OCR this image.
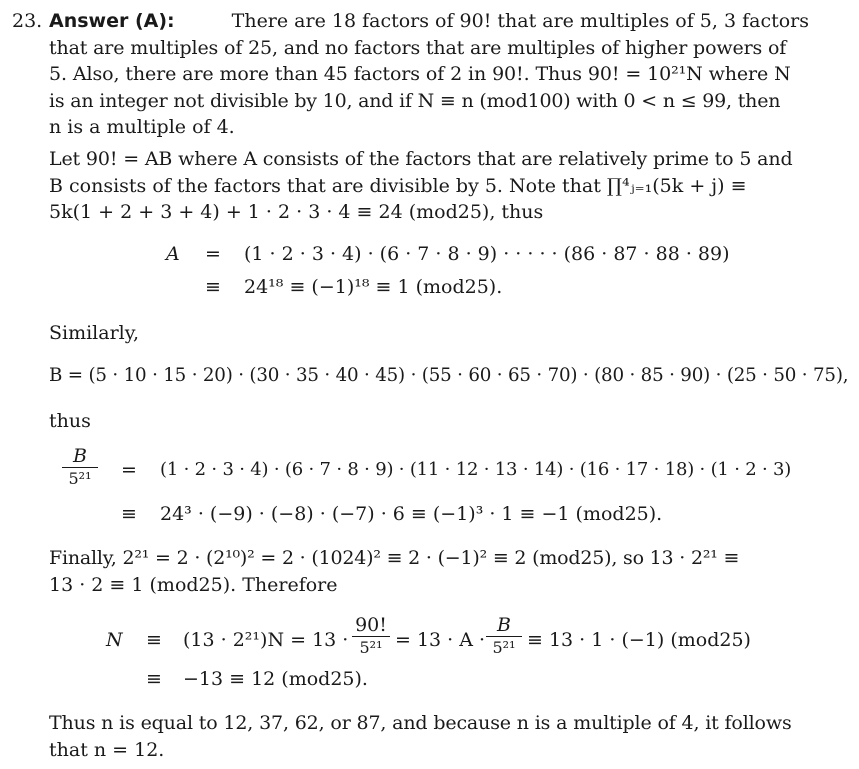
23. Answer (A):	There are 18 factors of 90! that are multiples of 5, 3 factors
that are multiples of 25, and no factors that are multiples of higher powers of
5. Also, there are more than 45 factors of 2 in 90!. Thus 90! = 10²¹N where N
is an integer not divisible by 10, and if N ≡ n (mod100) with 0 < n ≤ 99, then
n is a multiple of 4.
Let 90! = AB where A consists of the factors that are relatively prime to 5 and
B consists of the factors that are divisible by 5. Note that ∏⁴ⱼ₌₁(5k + j) ≡
5k(1 + 2 + 3 + 4) + 1 · 2 · 3 · 4 ≡ 24 (mod25), thus
A = (1 · 2 · 3 · 4) · (6 · 7 · 8 · 9) · · · · · (86 · 87 · 88 · 89)
≡ 24¹⁸ ≡ (−1)¹⁸ ≡ 1 (mod25).
Similarly,
B = (5 · 10 · 15 · 20) · (30 · 35 · 40 · 45) · (55 · 60 · 65 · 70) · (80 · 85 · 90) · (25 · 50 · 75),
thus
B
5²¹ = (1 · 2 · 3 · 4) · (6 · 7 · 8 · 9) · (11 · 12 · 13 · 14) · (16 · 17 · 18) · (1 · 2 · 3)
≡ 24³ · (−9) · (−8) · (−7) · 6 ≡ (−1)³ · 1 ≡ −1 (mod25).
Finally, 2²¹ = 2 · (2¹⁰)² = 2 · (1024)² ≡ 2 · (−1)² ≡ 2 (mod25), so 13 · 2²¹ ≡
13 · 2 ≡ 1 (mod25). Therefore
N ≡ (13 · 2²¹)N = 13 ·
90!
5²¹ = 13 · A ·
B
5²¹ ≡ 13 · 1 · (−1) (mod25)
≡ −13 ≡ 12 (mod25).
Thus n is equal to 12, 37, 62, or 87, and because n is a multiple of 4, it follows
that n = 12.
